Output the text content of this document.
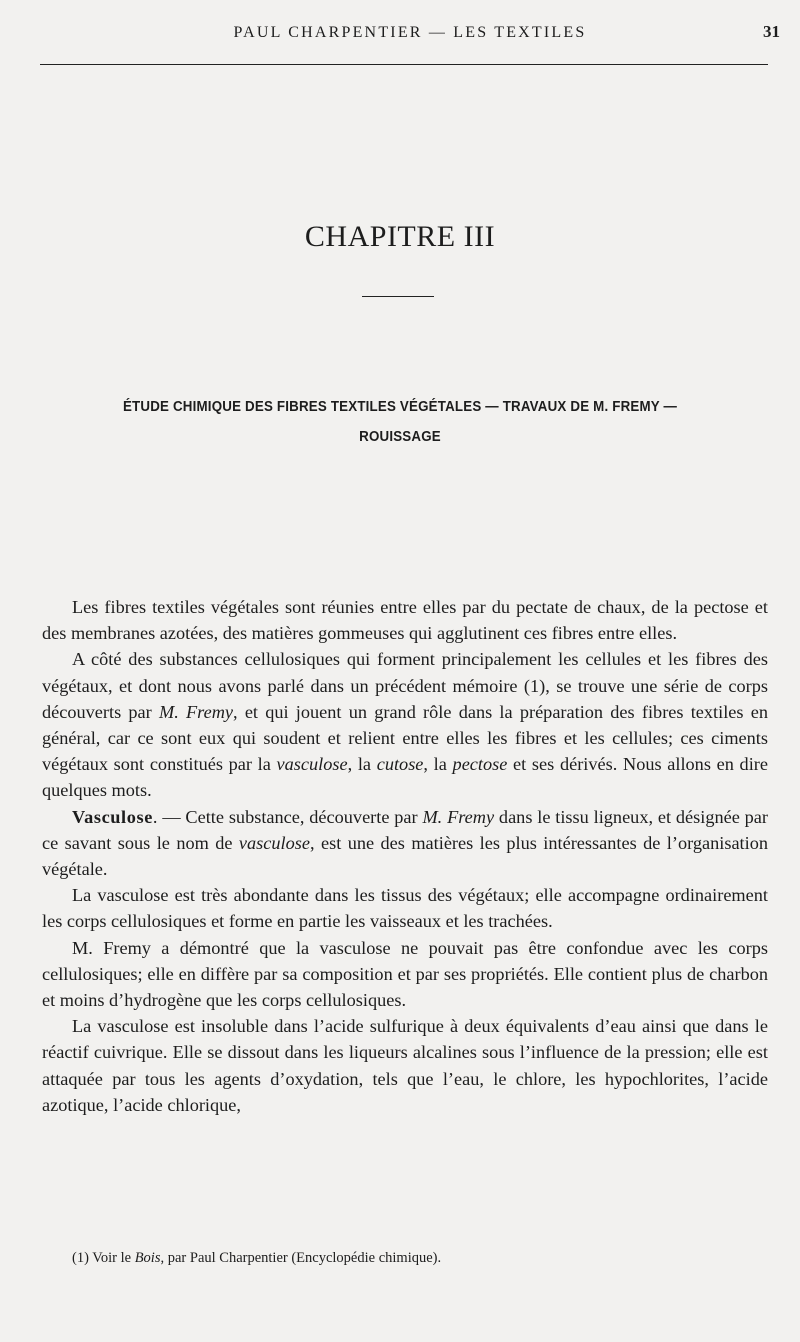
PAUL CHARPENTIER — LES TEXTILES	31
CHAPITRE III
ÉTUDE CHIMIQUE DES FIBRES TEXTILES VÉGÉTALES — TRAVAUX DE M. FREMY —
ROUISSAGE

Les fibres textiles végétales sont réunies entre elles par du pectate de chaux, de la pectose et des membranes azotées, des matières gommeuses qui agglutinent ces fibres entre elles.

A côté des substances cellulosiques qui forment principalement les cellules et les fibres des végétaux, et dont nous avons parlé dans un précédent mémoire (1), se trouve une série de corps découverts par M. Fremy, et qui jouent un grand rôle dans la préparation des fibres textiles en général, car ce sont eux qui soudent et relient entre elles les fibres et les cellules; ces ciments végétaux sont constitués par la vasculose, la cutose, la pectose et ses dérivés. Nous allons en dire quelques mots.

Vasculose. — Cette substance, découverte par M. Fremy dans le tissu ligneux, et désignée par ce savant sous le nom de vasculose, est une des matières les plus intéressantes de l’organisation végétale.

La vasculose est très abondante dans les tissus des végétaux; elle accompagne ordinairement les corps cellulosiques et forme en partie les vaisseaux et les trachées.

M. Fremy a démontré que la vasculose ne pouvait pas être confondue avec les corps cellulosiques; elle en diffère par sa composition et par ses propriétés. Elle contient plus de charbon et moins d’hydrogène que les corps cellulosiques.

La vasculose est insoluble dans l’acide sulfurique à deux équivalents d’eau ainsi que dans le réactif cuivrique. Elle se dissout dans les liqueurs alcalines sous l’influence de la pression; elle est attaquée par tous les agents d’oxydation, tels que l’eau, le chlore, les hypochlorites, l’acide azotique, l’acide chlorique,

(1) Voir le Bois, par Paul Charpentier (Encyclopédie chimique).
